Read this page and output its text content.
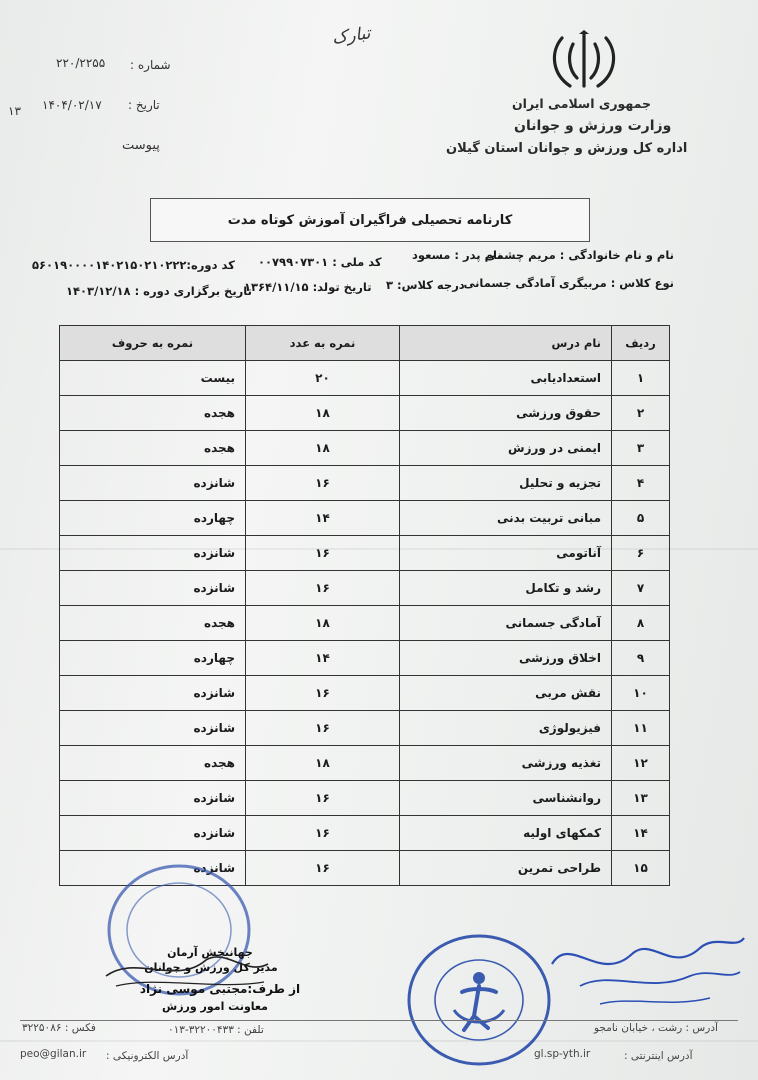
جمهوری اسلامی ایران
وزارت ورزش و جوانان
اداره کل ورزش و جوانان استان گیلان
تبارک
شماره :
۲۲۰/۲۲۵۵
تاریخ :
۱۴۰۴/۰۲/۱۷
۱۳
پیوست
کارنامه تحصیلی فراگیران آموزش کوتاه مدت
نام و نام خانوادگی : مریم چشمی
نام پدر : مسعود
کد ملی : ۰۰۷۹۹۰۷۳۰۱
کد دوره:۵۶۰۱۹۰۰۰۰۱۴۰۲۱۵۰۲۱۰۲۲۲
نوع کلاس : مربیگری آمادگی جسمانی
درجه کلاس: ۳
تاریخ تولد: ۱۳۶۴/۱۱/۱۵
تاریخ برگزاری دوره : ۱۴۰۳/۱۲/۱۸
ردیف	نام درس	نمره به عدد	نمره به حروف
۱	استعدادیابی	۲۰	بیست
۲	حقوق ورزشی	۱۸	هجده
۳	ایمنی در ورزش	۱۸	هجده
۴	تجزیه و تحلیل	۱۶	شانزده
۵	مبانی تربیت بدنی	۱۴	چهارده
۶	آناتومی	۱۶	شانزده
۷	رشد و تکامل	۱۶	شانزده
۸	آمادگی جسمانی	۱۸	هجده
۹	اخلاق ورزشی	۱۴	چهارده
۱۰	نقش مربی	۱۶	شانزده
۱۱	فیزیولوژی	۱۶	شانزده
۱۲	تغذیه ورزشی	۱۸	هجده
۱۳	روانشناسی	۱۶	شانزده
۱۴	کمکهای اولیه	۱۶	شانزده
۱۵	طراحی تمرین	۱۶	شانزده
جهانبخش آرمان
مدیر کل ورزش و جوانان
از طرف:مجتبی موسی نژاد
معاونت امور ورزش
آدرس : رشت ، خیابان نامجو
آدرس اینترنتی :
gl.sp-yth.ir
تلفن : ۳۲۲۰۰۴۳۳-۰۱۳
فکس : ۳۲۲۵۰۸۶
آدرس الکترونیکی :
peo@gilan.ir
